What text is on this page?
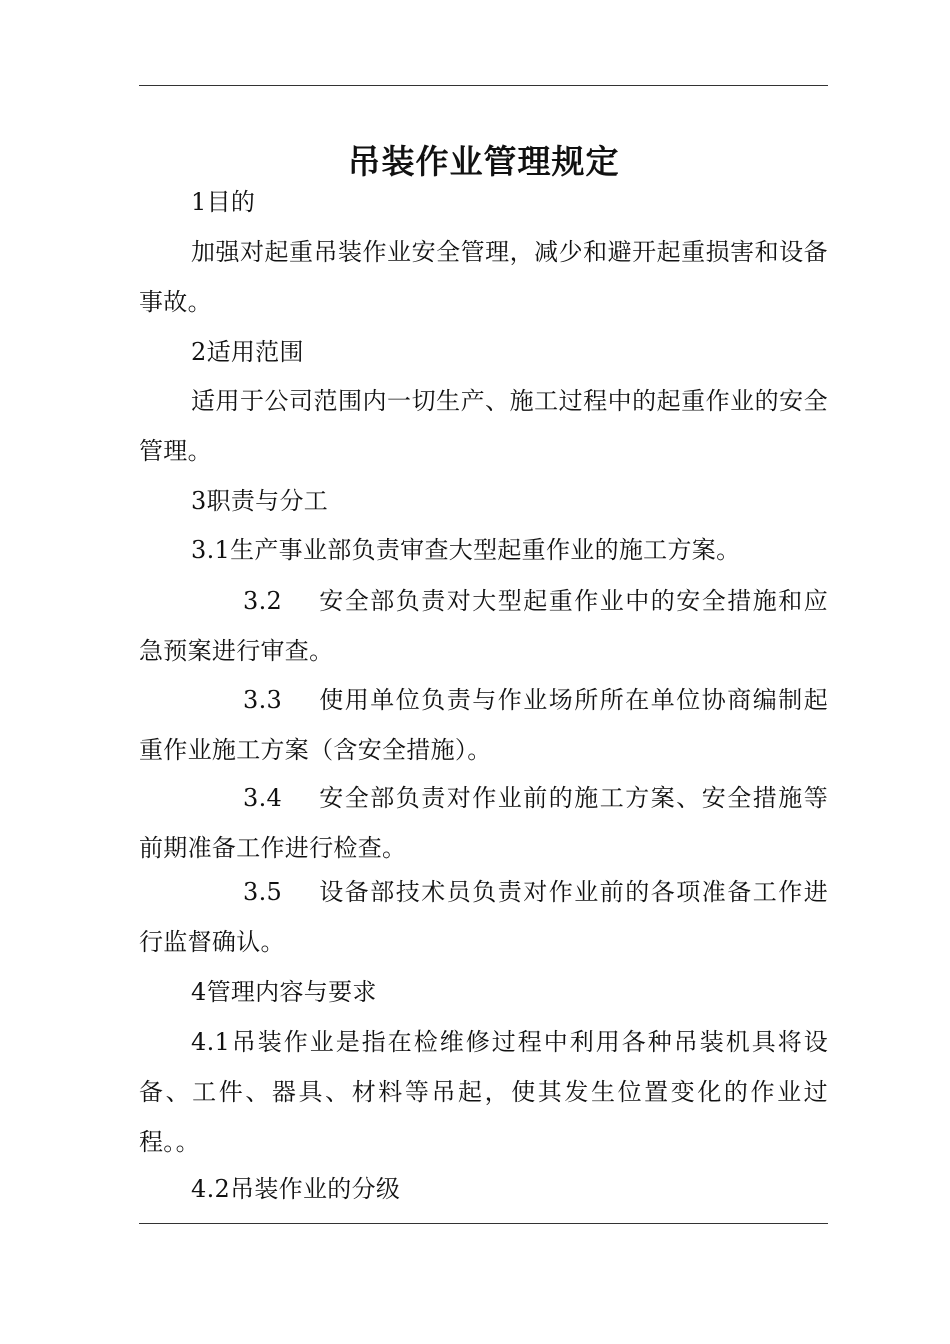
吊装作业管理规定

1目的

加强对起重吊装作业安全管理，减少和避开起重损害和设备事故。

2适用范围

适用于公司范围内一切生产、施工过程中的起重作业的安全管理。

3职责与分工

3.1生产事业部负责审查大型起重作业的施工方案。

3.2 安全部负责对大型起重作业中的安全措施和应急预案进行审查。

3.3 使用单位负责与作业场所所在单位协商编制起重作业施工方案（含安全措施）。

3.4 安全部负责对作业前的施工方案、安全措施等前期准备工作进行检查。

3.5 设备部技术员负责对作业前的各项准备工作进行监督确认。

4管理内容与要求

4.1吊装作业是指在检维修过程中利用各种吊装机具将设备、工件、器具、材料等吊起，使其发生位置变化的作业过程。。

4.2吊装作业的分级
